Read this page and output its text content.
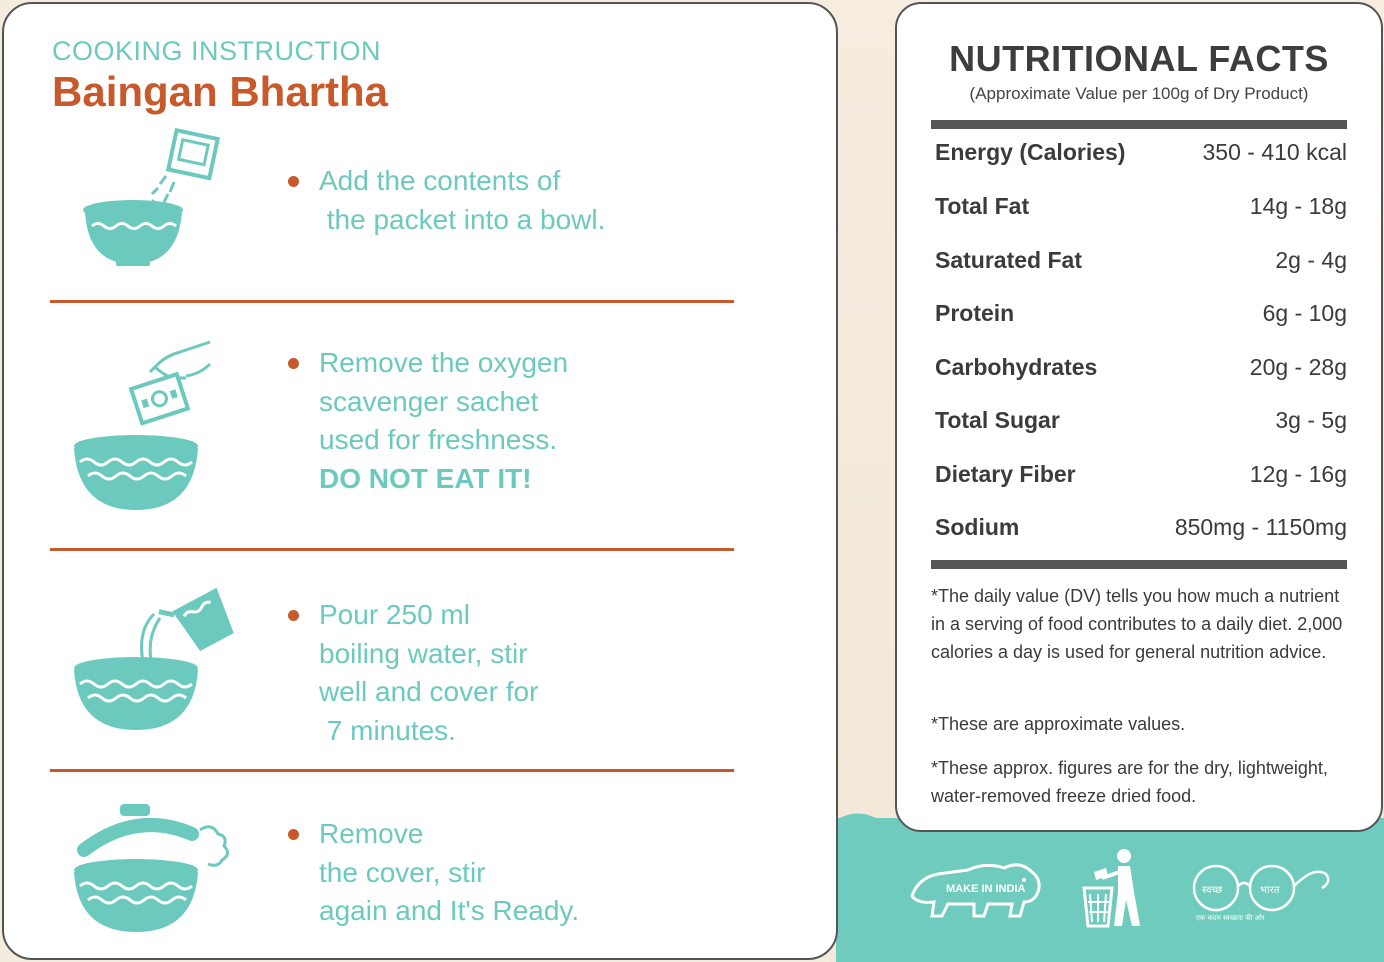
COOKING INSTRUCTION
Baingan Bhartha
Add the contents of
the packet into a bowl.
Remove the oxygen
scavenger sachet
used for freshness.
DO NOT EAT IT!
Pour 250 ml
boiling water, stir
well and cover for
7 minutes.
Remove
the cover, stir
again and It's Ready.
NUTRITIONAL FACTS
(Approximate Value per 100g of Dry Product)
Energy (Calories)	350 - 410 kcal
Total Fat	14g - 18g
Saturated Fat	2g - 4g
Protein	6g - 10g
Carbohydrates	20g - 28g
Total Sugar	3g - 5g
Dietary Fiber	12g - 16g
Sodium	850mg - 1150mg
*The daily value (DV) tells you how much a nutrient in a serving of food contributes to a daily diet. 2,000 calories a day is used for general nutrition advice.
*These are approximate values.
*These approx. figures are for the dry, lightweight, water-removed freeze dried food.
MAKE IN INDIA	स्वच्छ	भारत
एक कदम स्वच्छता की ओर
